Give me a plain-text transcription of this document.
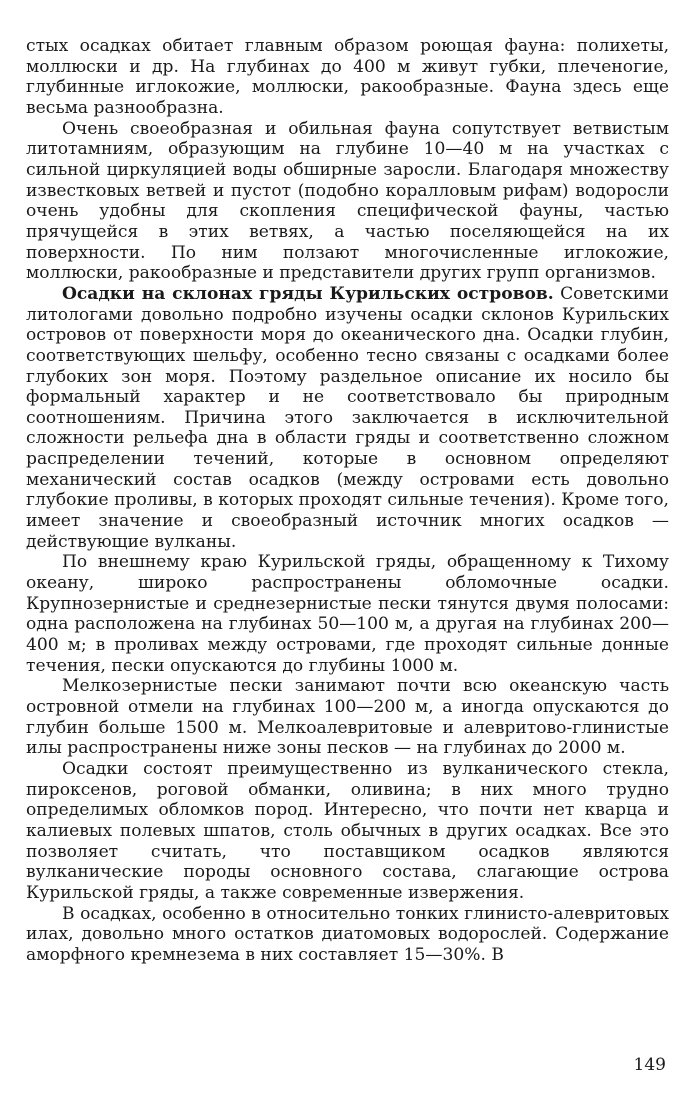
стых осадках обитает главным образом роющая фауна: полихеты, моллюски и др. На глубинах до 400 м живут губки, плеченогие, глубинные иглокожие, моллюски, ракообразные. Фауна здесь еще весьма разнообразна.

Очень своеобразная и обильная фауна сопутствует ветвистым литотамниям, образующим на глубине 10—40 м на участках с сильной циркуляцией воды обширные заросли. Благодаря множеству известковых ветвей и пустот (подобно коралловым рифам) водоросли очень удобны для скопления специфической фауны, частью прячущейся в этих ветвях, а частью поселяющейся на их поверхности. По ним ползают многочисленные иглокожие, моллюски, ракообразные и представители других групп организмов.

Осадки на склонах гряды Курильских островов. Советскими литологами довольно подробно изучены осадки склонов Курильских островов от поверхности моря до океанического дна. Осадки глубин, соответствующих шельфу, особенно тесно связаны с осадками более глубоких зон моря. Поэтому раздельное описание их носило бы формальный характер и не соответствовало бы природным соотношениям. Причина этого заключается в исключительной сложности рельефа дна в области гряды и соответственно сложном распределении течений, которые в основном определяют механический состав осадков (между островами есть довольно глубокие проливы, в которых проходят сильные течения). Кроме того, имеет значение и своеобразный источник многих осадков — действующие вулканы.

По внешнему краю Курильской гряды, обращенному к Тихому океану, широко распространены обломочные осадки. Крупнозернистые и среднезернистые пески тянутся двумя полосами: одна расположена на глубинах 50—100 м, а другая на глубинах 200—400 м; в проливах между островами, где проходят сильные донные течения, пески опускаются до глубины 1000 м.

Мелкозернистые пески занимают почти всю океанскую часть островной отмели на глубинах 100—200 м, а иногда опускаются до глубин больше 1500 м. Мелкоалевритовые и алевритово-глинистые илы распространены ниже зоны песков — на глубинах до 2000 м.

Осадки состоят преимущественно из вулканического стекла, пироксенов, роговой обманки, оливина; в них много трудно определимых обломков пород. Интересно, что почти нет кварца и калиевых полевых шпатов, столь обычных в других осадках. Все это позволяет считать, что поставщиком осадков являются вулканические породы основного состава, слагающие острова Курильской гряды, а также современные извержения.

В осадках, особенно в относительно тонких глинисто-алевритовых илах, довольно много остатков диатомовых водорослей. Содержание аморфного кремнезема в них составляет 15—30%. В

149
